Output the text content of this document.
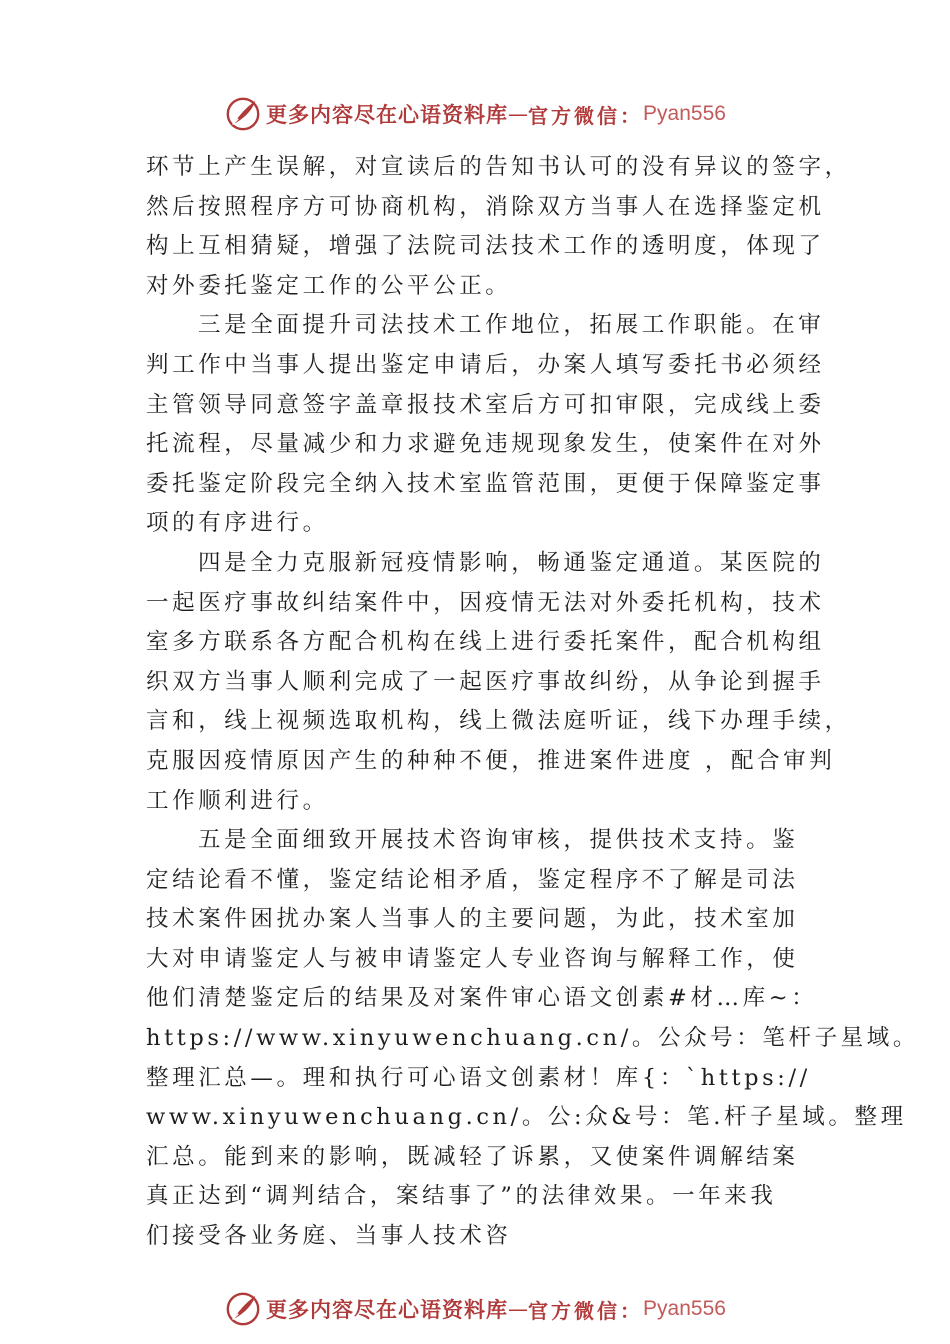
更多内容尽在心语资料库 — 官方微信： Pyan556
环节上产生误解，对宣读后的告知书认可的没有异议的签字，
然后按照程序方可协商机构，消除双方当事人在选择鉴定机
构上互相猜疑，增强了法院司法技术工作的透明度，体现了
对外委托鉴定工作的公平公正。
三是全面提升司法技术工作地位，拓展工作职能。在审
判工作中当事人提出鉴定申请后，办案人填写委托书必须经
主管领导同意签字盖章报技术室后方可扣审限，完成线上委
托流程，尽量减少和力求避免违规现象发生，使案件在对外
委托鉴定阶段完全纳入技术室监管范围，更便于保障鉴定事
项的有序进行。
四是全力克服新冠疫情影响，畅通鉴定通道。某医院的
一起医疗事故纠结案件中，因疫情无法对外委托机构，技术
室多方联系各方配合机构在线上进行委托案件，配合机构组
织双方当事人顺利完成了一起医疗事故纠纷，从争论到握手
言和，线上视频选取机构，线上微法庭听证，线下办理手续，
克服因疫情原因产生的种种不便，推进案件进度 ，配合审判
工作顺利进行。
五是全面细致开展技术咨询审核，提供技术支持。鉴
定结论看不懂，鉴定结论相矛盾，鉴定程序不了解是司法
技术案件困扰办案人当事人的主要问题，为此，技术室加
大对申请鉴定人与被申请鉴定人专业咨询与解释工作，使
他们清楚鉴定后的结果及对案件审心语文创素#材…库~：
https://www.xinyuwenchuang.cn/。公众号：笔杆子星域。
整理汇总—。理和执行可心语文创素材！库{：`https://
www.xinyuwenchuang.cn/。公:众&号：笔.杆子星域。整理
汇总。能到来的影响，既减轻了诉累，又使案件调解结案
真正达到“调判结合，案结事了”的法律效果。一年来我
们接受各业务庭、当事人技术咨
更多内容尽在心语资料库 — 官方微信： Pyan556
